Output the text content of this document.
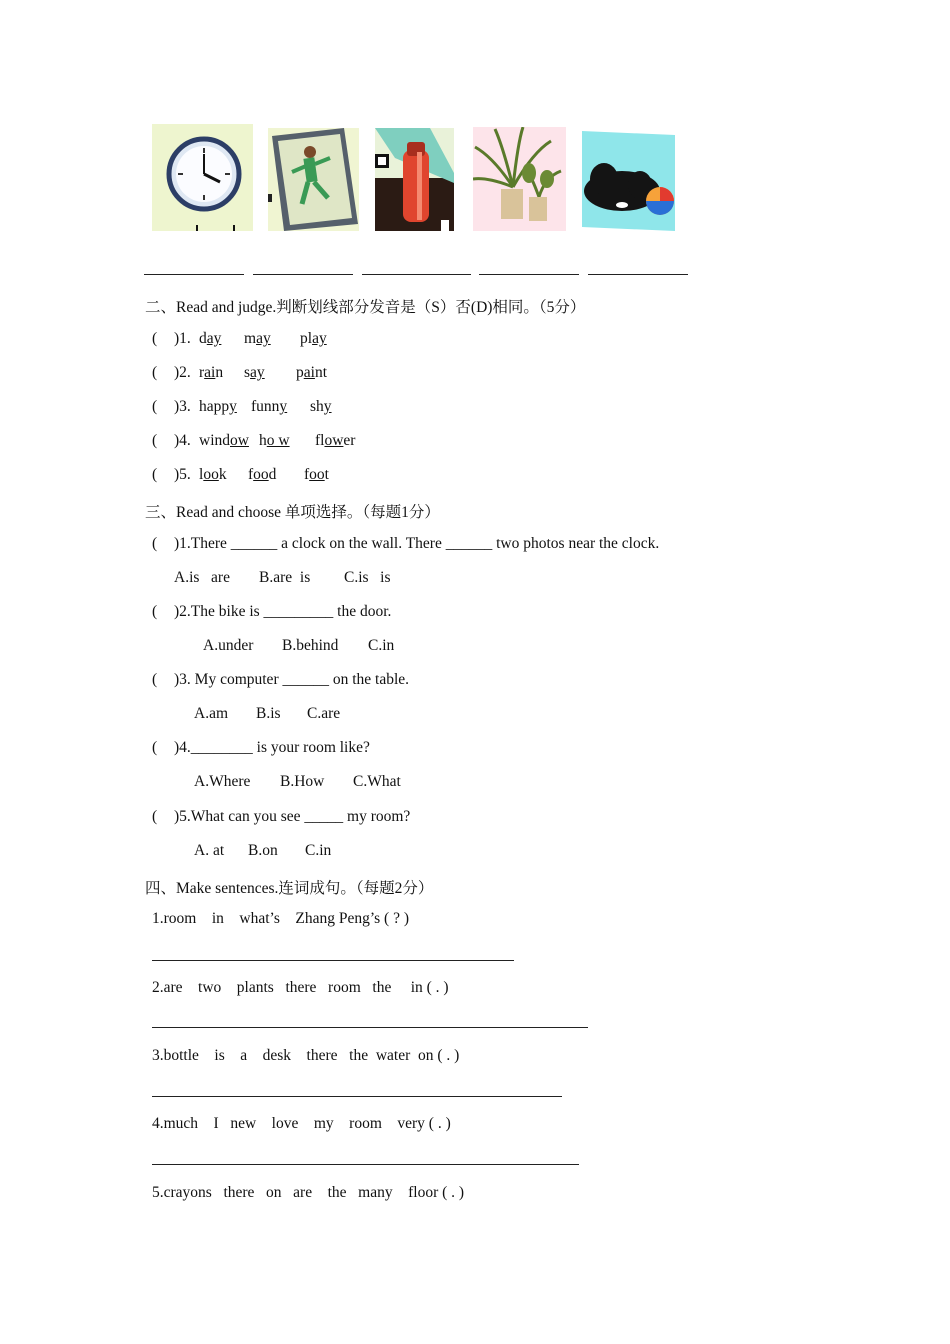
二、Read and judge.判断划线部分发音是（S）否(D)相同。（5分）
( )1. day may play
( )2. rain say paint
( )3. happy funny shy
( )4. window ho w flower
( )5. look food foot
三、Read and choose 单项选择。（每题1分）
( )1.There ______ a clock on the wall. There ______ two photos near the clock.
A.is   are B.are  is C.is   is
( )2.The bike is _________ the door.
A.under B.behind C.in
( )3. My computer ______ on the table.
A.am B.is C.are
( )4.________ is your room like?
A.Where B.How C.What
( )5.What can you see _____ my room?
A. at B.on C.in
四、Make sentences.连词成句。（每题2分）
1.room    in    what’s    Zhang Peng’s ( ? )
2.are    two    plants   there   room   the     in ( . )
3.bottle    is    a    desk    there   the  water  on ( . )
4.much    I   new    love    my    room    very ( . )
5.crayons   there   on   are    the   many    floor ( . )
